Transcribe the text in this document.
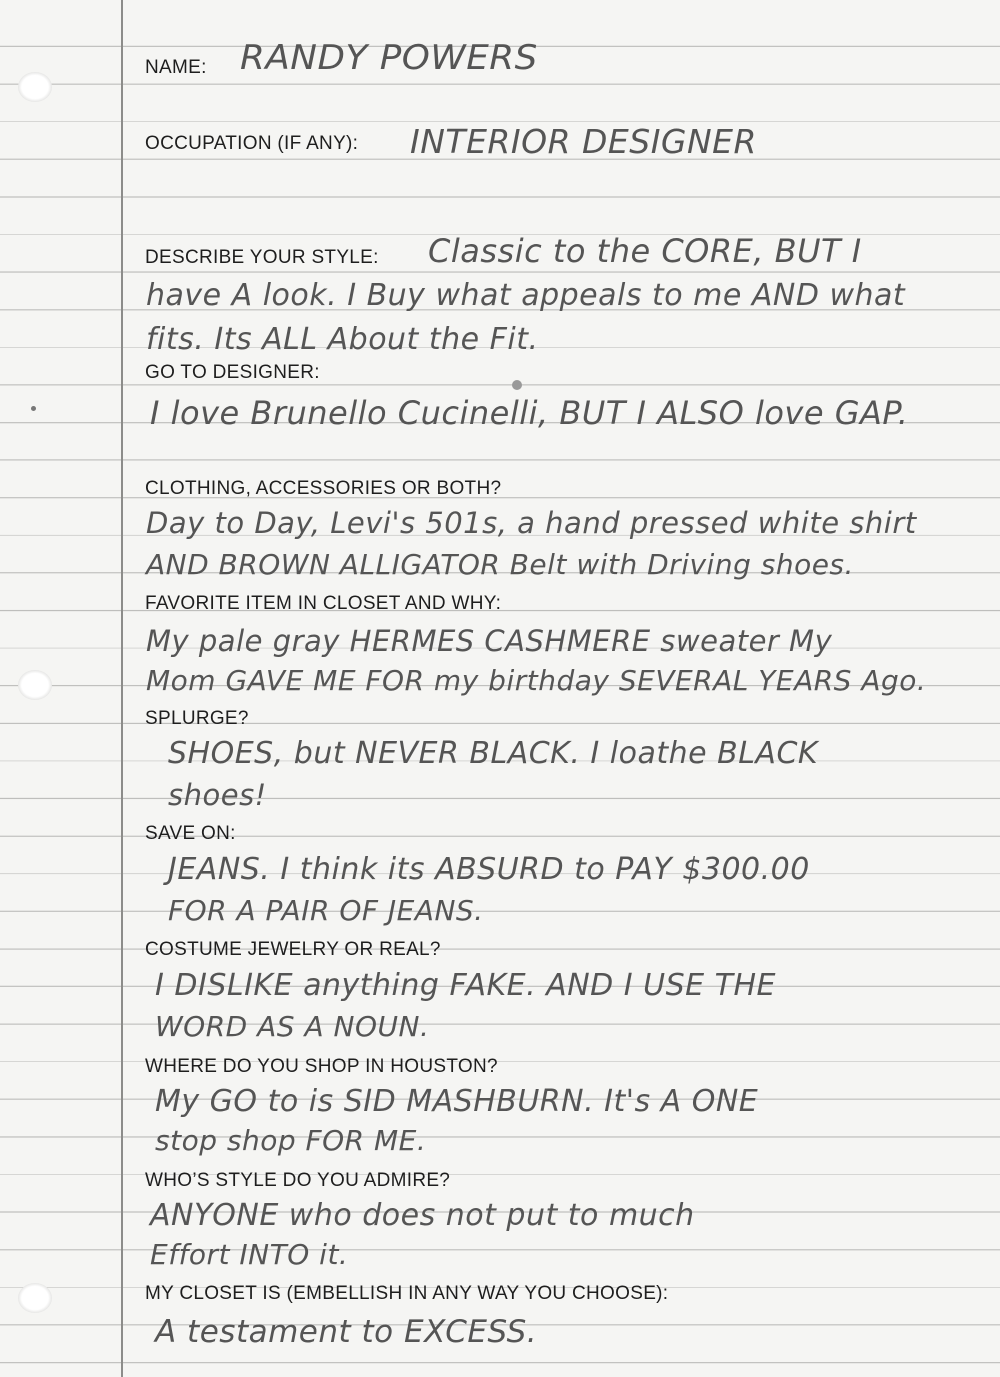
NAME: RANDY POWERS
OCCUPATION (IF ANY): INTERIOR DESIGNER
DESCRIBE YOUR STYLE: Classic to the CORE, BUT I
have A look. I Buy what appeals to me AND what
fits. Its ALL About the Fit.
GO TO DESIGNER:
I love Brunello Cucinelli, BUT I ALSO love GAP.
CLOTHING, ACCESSORIES OR BOTH?
Day to Day, Levi's 501s, a hand pressed white shirt
AND BROWN ALLIGATOR Belt with Driving shoes.
FAVORITE ITEM IN CLOSET AND WHY:
My pale gray HERMES CASHMERE sweater My
Mom GAVE ME FOR my birthday SEVERAL YEARS Ago.
SPLURGE?
SHOES, but NEVER BLACK. I loathe BLACK
shoes!
SAVE ON:
JEANS. I think its ABSURD to PAY $300.00
FOR A PAIR OF JEANS.
COSTUME JEWELRY OR REAL?
I DISLIKE anything FAKE. AND I USE THE
WORD AS A NOUN.
WHERE DO YOU SHOP IN HOUSTON?
My GO to is SID MASHBURN. It's A ONE
stop shop FOR ME.
WHO’S STYLE DO YOU ADMIRE?
ANYONE who does not put to much
Effort INTO it.
MY CLOSET IS (EMBELLISH IN ANY WAY YOU CHOOSE):
A testament to EXCESS.
